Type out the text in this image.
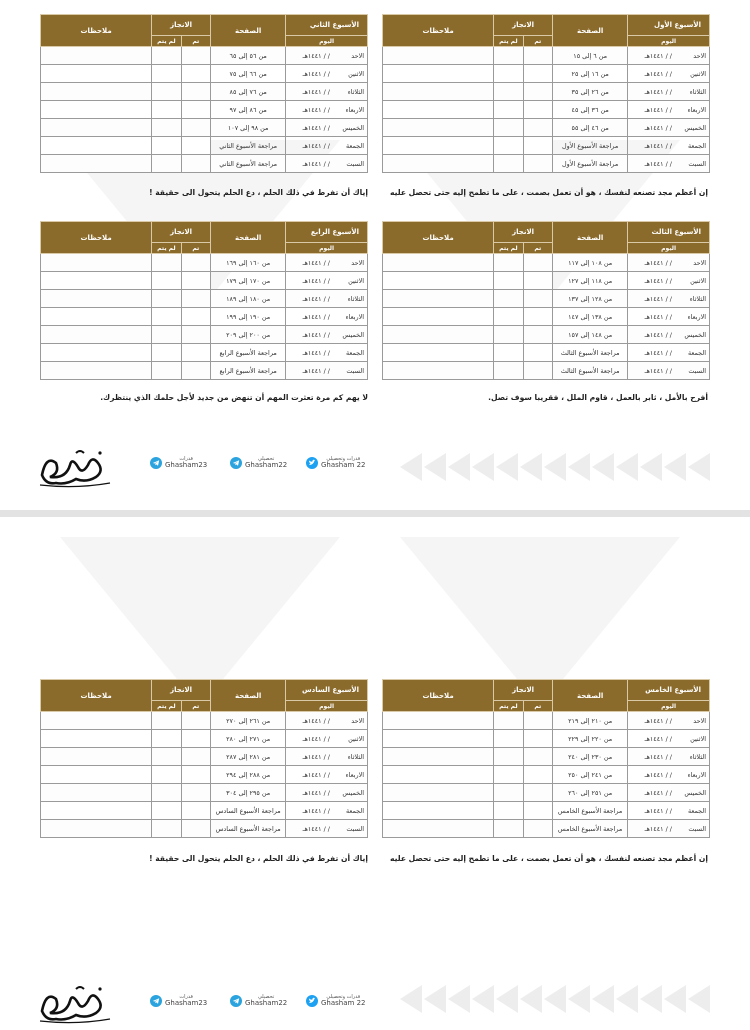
الأسبوع الأول	الصفحة	الانجاز		ملاحظات
اليوم		تم	لم يتم	
الاحد / / ١٤٤١هـ	من ٦ إلى ١٥			
الاثنين / / ١٤٤١هـ	من ١٦ إلى ٢٥			
الثلاثاء / / ١٤٤١هـ	من ٢٦ إلى ٣٥			
الاربعاء / / ١٤٤١هـ	من ٣٦ إلى ٤٥			
الخميس / / ١٤٤١هـ	من ٤٦ إلى ٥٥			
الجمعة / / ١٤٤١هـ	مراجعة الأسبوع الأول			
السبت / / ١٤٤١هـ	مراجعة الأسبوع الأول			
إن أعظم مجد تصنعه لنفسك ، هو أن تعمل بصمت ، على ما تطمح إليه حتى تحصل عليه
الأسبوع الثاني	الصفحة	الانجاز		ملاحظات
اليوم		تم	لم يتم	
الاحد / / ١٤٤١هـ	من ٥٦ إلى ٦٥			
الاثنين / / ١٤٤١هـ	من ٦٦ إلى ٧٥			
الثلاثاء / / ١٤٤١هـ	من ٧٦ إلى ٨٥			
الاربعاء / / ١٤٤١هـ	من ٨٦ إلى ٩٧			
الخميس / / ١٤٤١هـ	من ٩٨ إلى ١٠٧			
الجمعة / / ١٤٤١هـ	مراجعة الأسبوع الثاني			
السبت / / ١٤٤١هـ	مراجعة الأسبوع الثاني			
إياك أن تفرط في ذلك الحلم ، دع الحلم يتحول الى حقيقة !
الأسبوع الثالث	الصفحة	الانجاز		ملاحظات
اليوم		تم	لم يتم	
الاحد / / ١٤٤١هـ	من ١٠٨ إلى ١١٧			
الاثنين / / ١٤٤١هـ	من ١١٨ إلى ١٢٧			
الثلاثاء / / ١٤٤١هـ	من ١٢٨ إلى ١٣٧			
الاربعاء / / ١٤٤١هـ	من ١٣٨ إلى ١٤٧			
الخميس / / ١٤٤١هـ	من ١٤٨ إلى ١٥٧			
الجمعة / / ١٤٤١هـ	مراجعة الأسبوع الثالث			
السبت / / ١٤٤١هـ	مراجعة الأسبوع الثالث			
أفرح بالأمل ، ثابر بالعمل ، قاوم الملل ، فقريبا سوف تصل.
الأسبوع الرابع	الصفحة	الانجاز		ملاحظات
اليوم		تم	لم يتم	
الاحد / / ١٤٤١هـ	من ١٦٠ إلى ١٦٩			
الاثنين / / ١٤٤١هـ	من ١٧٠ إلى ١٧٩			
الثلاثاء / / ١٤٤١هـ	من ١٨٠ إلى ١٨٩			
الاربعاء / / ١٤٤١هـ	من ١٩٠ إلى ١٩٩			
الخميس / / ١٤٤١هـ	من ٢٠٠ إلى ٢٠٩			
الجمعة / / ١٤٤١هـ	مراجعة الأسبوع الرابع			
السبت / / ١٤٤١هـ	مراجعة الأسبوع الرابع			
لا يهم كم مرة تعثرت المهم أن تنهض من جديد لأجل حلمك الذي ينتظرك.
قدرات وتحصيلي
Ghasham 22
تحصيلي
Ghasham22
قدرات
Ghasham23
الأسبوع الخامس	الصفحة	الانجاز		ملاحظات
اليوم		تم	لم يتم	
الاحد / / ١٤٤١هـ	من ٢١٠ إلى ٢١٩			
الاثنين / / ١٤٤١هـ	من ٢٢٠ إلى ٢٢٩			
الثلاثاء / / ١٤٤١هـ	من ٢٣٠ إلى ٢٤٠			
الاربعاء / / ١٤٤١هـ	من ٢٤١ إلى ٢٥٠			
الخميس / / ١٤٤١هـ	من ٢٥١ إلى ٢٦٠			
الجمعة / / ١٤٤١هـ	مراجعة الأسبوع الخامس			
السبت / / ١٤٤١هـ	مراجعة الأسبوع الخامس			
إن أعظم مجد تصنعه لنفسك ، هو أن تعمل بصمت ، على ما تطمح إليه حتى تحصل عليه
الأسبوع السادس	الصفحة	الانجاز		ملاحظات
اليوم		تم	لم يتم	
الاحد / / ١٤٤١هـ	من ٢٦١ إلى ٢٧٠			
الاثنين / / ١٤٤١هـ	من ٢٧١ إلى ٢٨٠			
الثلاثاء / / ١٤٤١هـ	من ٢٨١ إلى ٢٨٧			
الاربعاء / / ١٤٤١هـ	من ٢٨٨ إلى ٢٩٤			
الخميس / / ١٤٤١هـ	من ٢٩٥ إلى ٣٠٤			
الجمعة / / ١٤٤١هـ	مراجعة الأسبوع السادس			
السبت / / ١٤٤١هـ	مراجعة الأسبوع السادس			
إياك أن تفرط في ذلك الحلم ، دع الحلم يتحول الى حقيقة !
قدرات وتحصيلي
Ghasham 22
تحصيلي
Ghasham22
قدرات
Ghasham23
